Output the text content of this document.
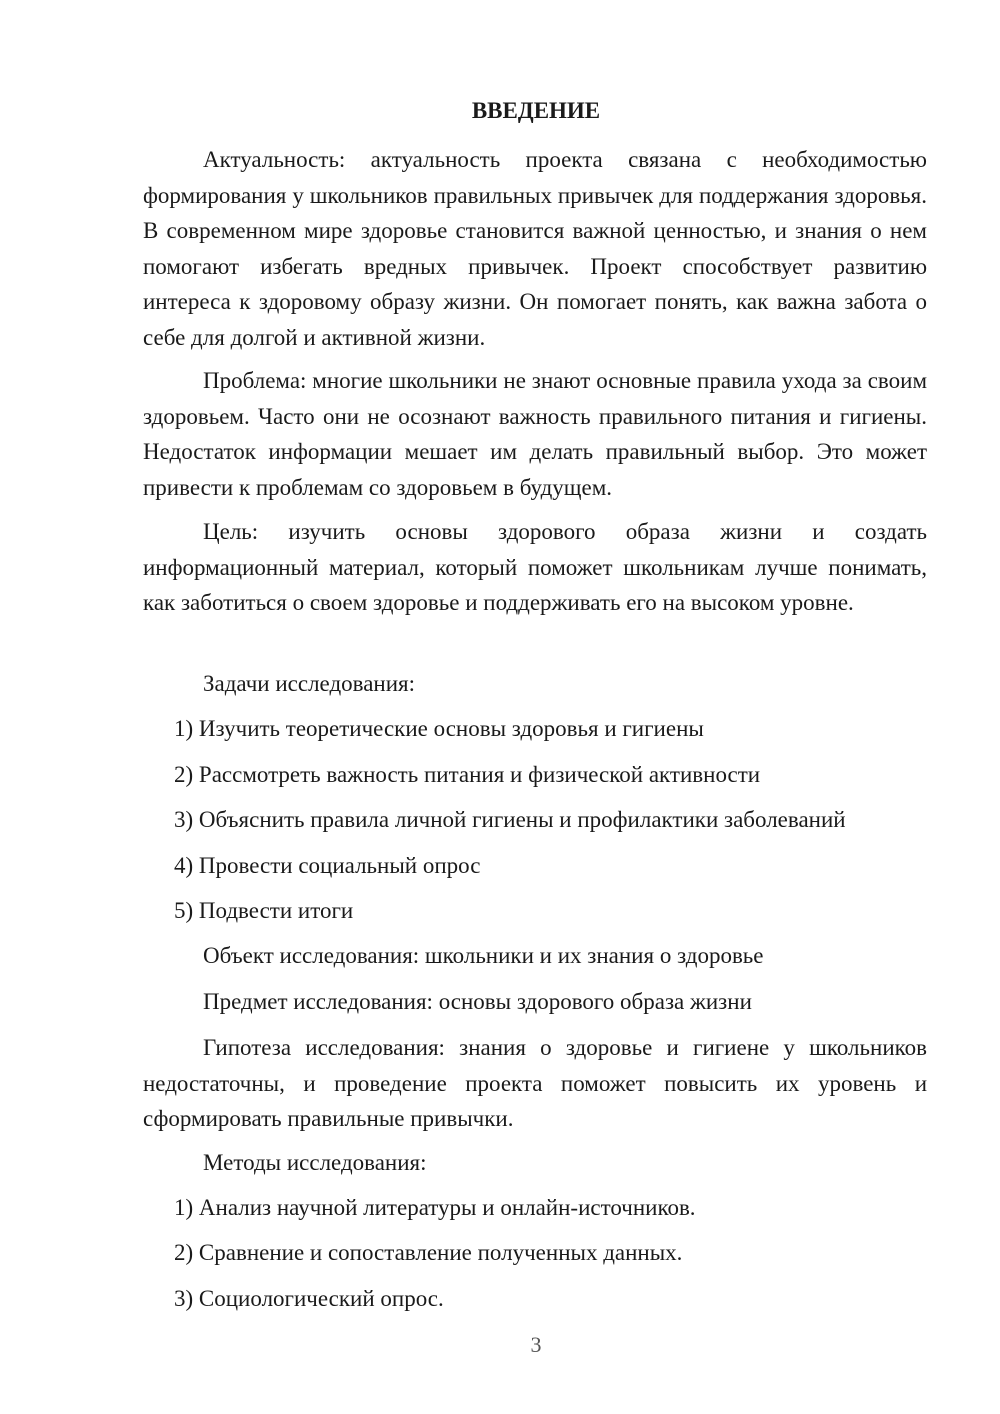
ВВЕДЕНИЕ

Актуальность: актуальность проекта связана с необходимостью формирования у школьников правильных привычек для поддержания здоровья. В современном мире здоровье становится важной ценностью, и знания о нем помогают избегать вредных привычек. Проект способствует развитию интереса к здоровому образу жизни. Он помогает понять, как важна забота о себе для долгой и активной жизни.

Проблема: многие школьники не знают основные правила ухода за своим здоровьем. Часто они не осознают важность правильного питания и гигиены. Недостаток информации мешает им делать правильный выбор. Это может привести к проблемам со здоровьем в будущем.

Цель: изучить основы здорового образа жизни и создать информационный материал, который поможет школьникам лучше понимать, как заботиться о своем здоровье и поддерживать его на высоком уровне.

Задачи исследования:
1) Изучить теоретические основы здоровья и гигиены
2) Рассмотреть важность питания и физической активности
3) Объяснить правила личной гигиены и профилактики заболеваний
4) Провести социальный опрос
5) Подвести итоги
Объект исследования: школьники и их знания о здоровье
Предмет исследования: основы здорового образа жизни

Гипотеза исследования: знания о здоровье и гигиене у школьников недостаточны, и проведение проекта поможет повысить их уровень и сформировать правильные привычки.

Методы исследования:
1) Анализ научной литературы и онлайн-источников.
2) Сравнение и сопоставление полученных данных.
3) Социологический опрос.
3
